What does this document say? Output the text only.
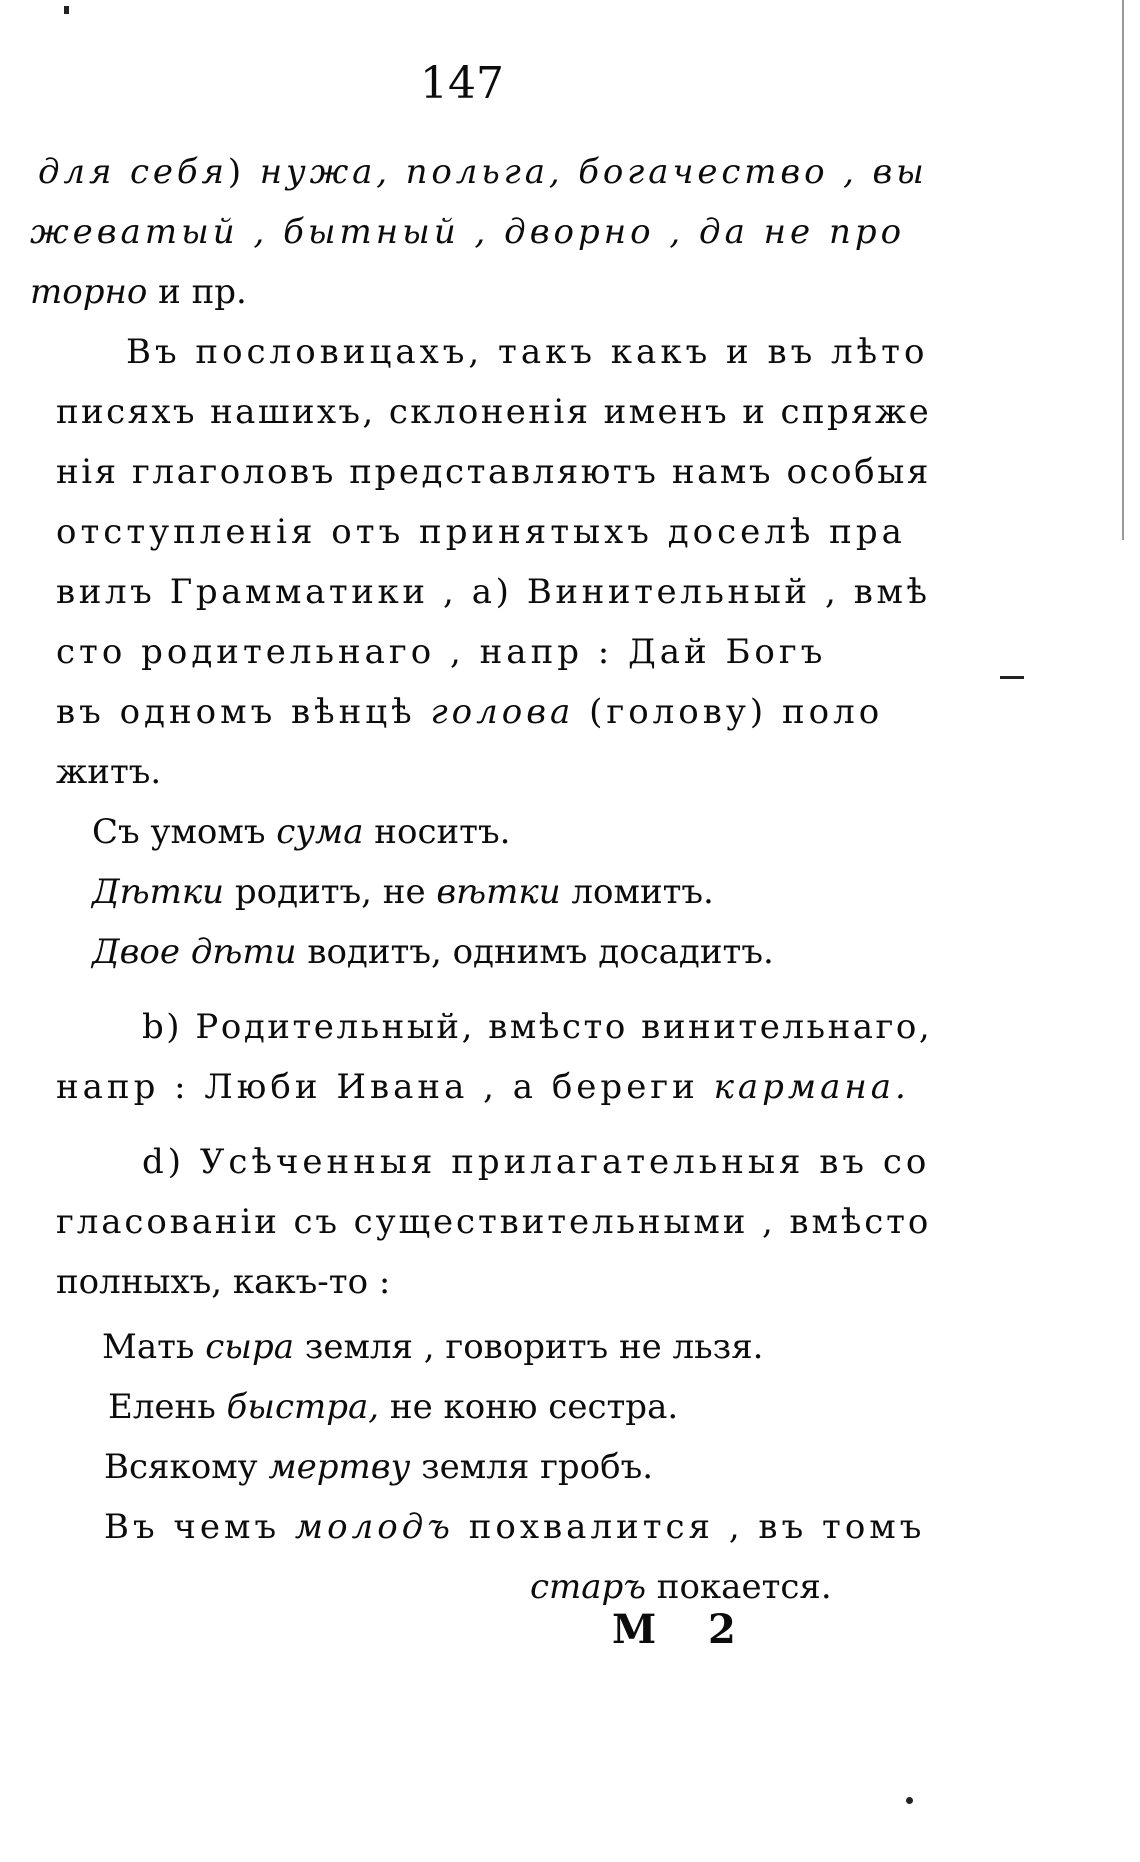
147
для себя) нужа, польга, богачество , вы
жеватый , бытный , дворно , да не про
торно и пр.
Въ пословицахъ, такъ какъ и въ лѣто
писяхъ нашихъ, склоненія именъ и спряже
нія глаголовъ представляютъ намъ особыя
отступленія отъ принятыхъ доселѣ пра
вилъ Грамматики , а) Винительный , вмѣ
сто родительнаго , напр : Дай Богъ
въ одномъ вѣнцѣ голова (голову) поло
житъ.
Съ умомъ сума носитъ.
Дѣтки родитъ, не вѣтки ломитъ.
Двое дѣти водитъ, однимъ досадитъ.
b) Родительный, вмѣсто винительнаго,
напр : Люби Ивана , а береги кармана.
d) Усѣченныя прилагательныя въ со
гласованіи съ существительными , вмѣсто
полныхъ, какъ-то :
Мать сыра земля , говоритъ не льзя.
Елень быстра, не коню сестра.
Всякому мертву земля гробъ.
Въ чемъ молодъ похвалится , въ томъ
старъ покается.
М 2
